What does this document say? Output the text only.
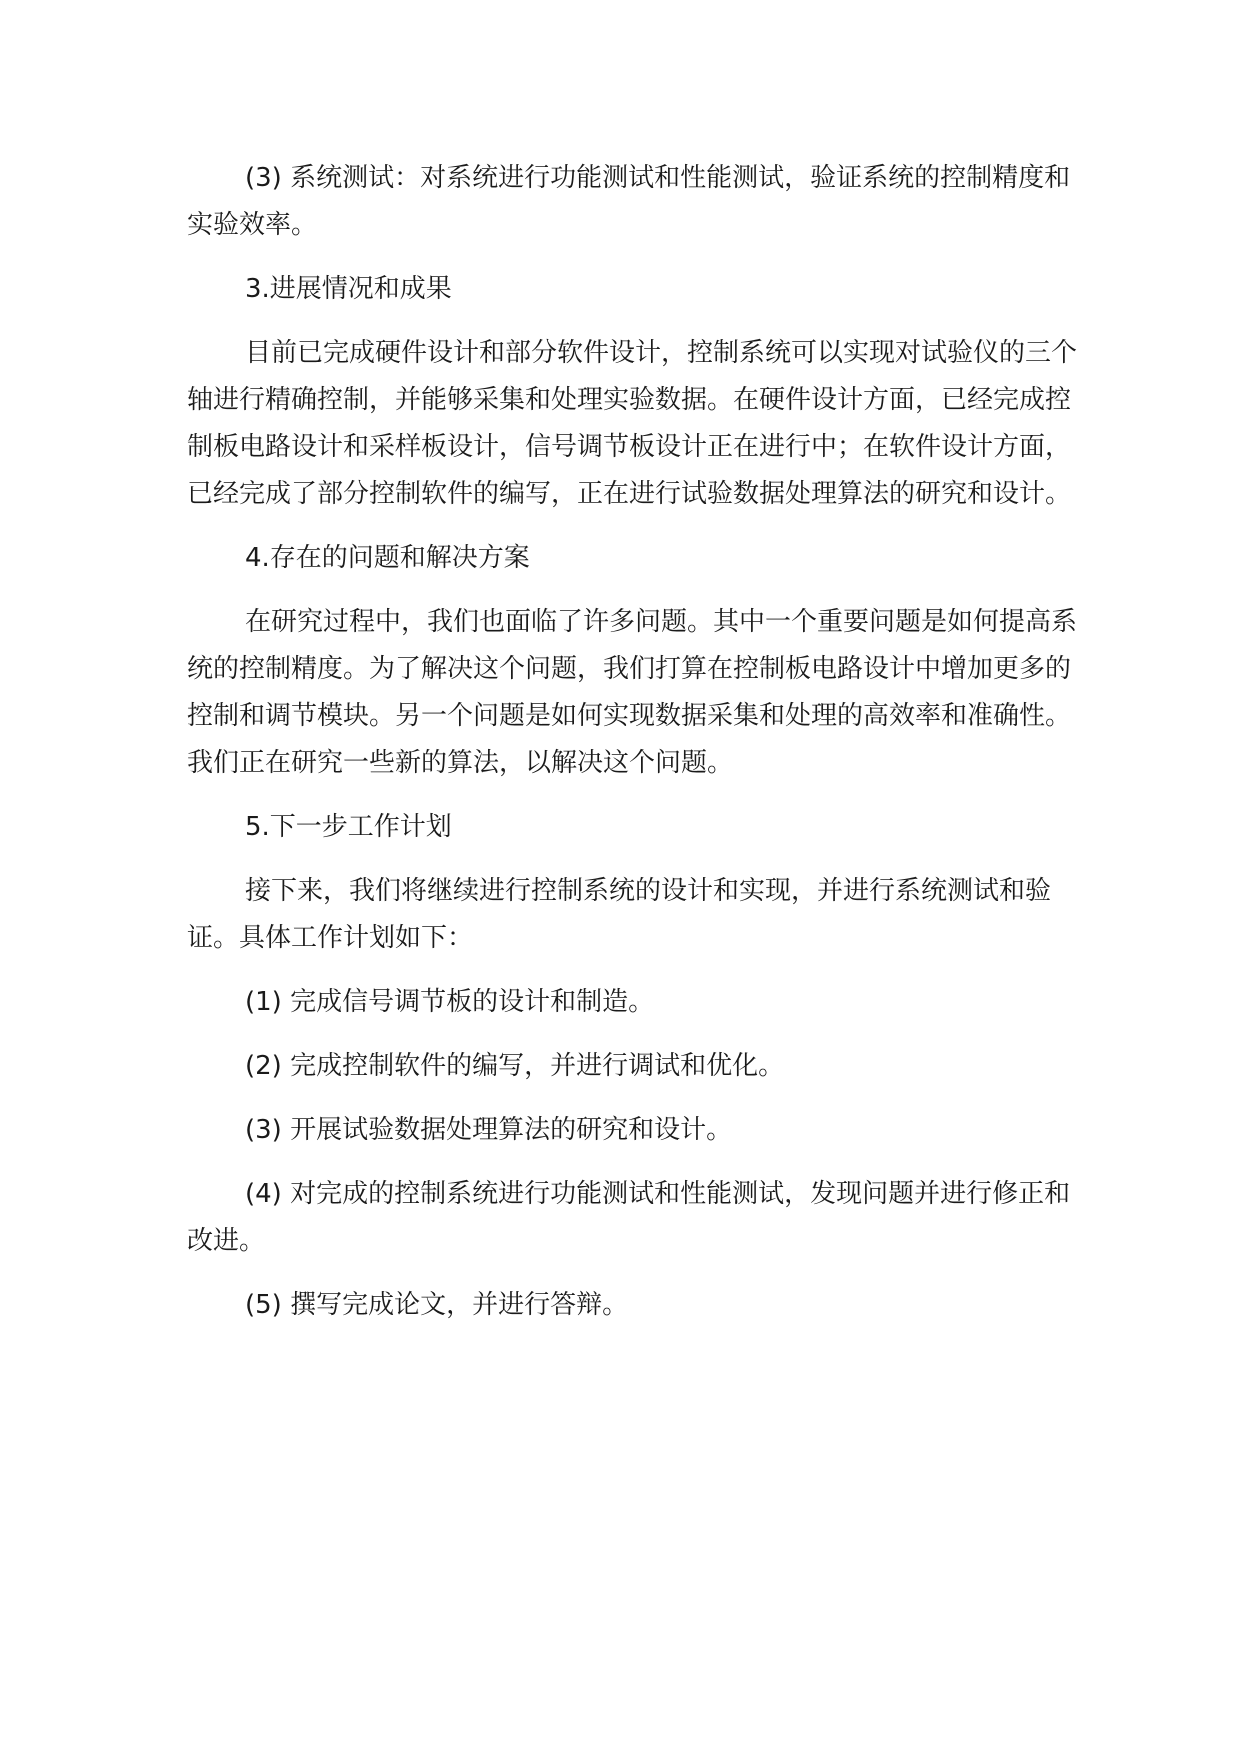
(3) 系统测试：对系统进行功能测试和性能测试，验证系统的控制精度和实验效率。

3.进展情况和成果

目前已完成硬件设计和部分软件设计，控制系统可以实现对试验仪的三个轴进行精确控制，并能够采集和处理实验数据。在硬件设计方面，已经完成控制板电路设计和采样板设计，信号调节板设计正在进行中；在软件设计方面，已经完成了部分控制软件的编写，正在进行试验数据处理算法的研究和设计。

4.存在的问题和解决方案

在研究过程中，我们也面临了许多问题。其中一个重要问题是如何提高系统的控制精度。为了解决这个问题，我们打算在控制板电路设计中增加更多的控制和调节模块。另一个问题是如何实现数据采集和处理的高效率和准确性。我们正在研究一些新的算法，以解决这个问题。

5.下一步工作计划

接下来，我们将继续进行控制系统的设计和实现，并进行系统测试和验证。具体工作计划如下：

(1) 完成信号调节板的设计和制造。

(2) 完成控制软件的编写，并进行调试和优化。

(3) 开展试验数据处理算法的研究和设计。

(4) 对完成的控制系统进行功能测试和性能测试，发现问题并进行修正和改进。

(5) 撰写完成论文，并进行答辩。
